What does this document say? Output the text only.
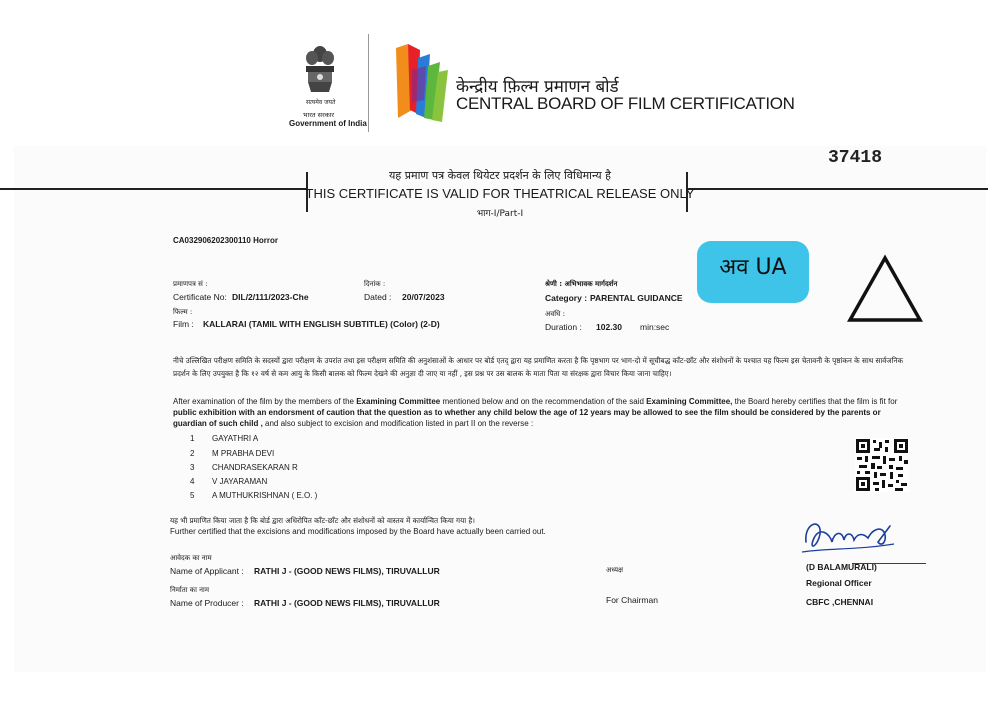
सत्यमेव जयते
भारत सरकार
Government of India
केन्द्रीय फ़िल्म प्रमाणन बोर्ड
CENTRAL BOARD OF FILM CERTIFICATION
37418
यह प्रमाण पत्र केवल थियेटर प्रदर्शन के लिए विधिमान्य है
THIS CERTIFICATE IS VALID FOR THEATRICAL RELEASE ONLY
भाग-I/Part-I
CA032906202300110 Horror
प्रमाणपत्र सं :
Certificate No: DIL/2/111/2023-Che
दिनांक :
Dated : 20/07/2023
श्रेणी : अभिभावक मार्गदर्शन
Category : PARENTAL GUIDANCE
फिल्म :
Film : KALLARAI (TAMIL WITH ENGLISH SUBTITLE) (Color) (2-D)
अवधि :
Duration : 102.30 min:sec
अव UA
नीचे उल्लिखित परीक्षण समिति के सदस्यों द्वारा परीक्षण के उपरांत तथा इस परीक्षण समिति की अनुशंसाओं के आधार पर बोर्ड एतद् द्वारा यह प्रमाणित करता है कि पृष्ठभाग पर भाग-दो में सूचीबद्ध काँट-छाँट और संशोधनों के पश्चात यह फिल्म इस चेतावनी के पृष्ठांकन के साथ सार्वजनिक प्रदर्शन के लिए उपयुक्त है कि १२ वर्ष से कम आयु के किसी बालक को फिल्म देखने की अनुज्ञा दी जाए या नहीं , इस प्रश्न पर उस बालक के माता पिता या संरक्षक द्वारा विचार किया जाना चाहिए।
After examination of the film by the members of the Examining Committee mentioned below and on the recommendation of the said Examining Committee, the Board hereby certifies that the film is fit for public exhibition with an endorsment of caution that the question as to whether any child below the age of 12 years may be allowed to see the film should be considered by the parents or guardian of such child , and also subject to excision and modification listed in part II on the reverse :
1 GAYATHRI A
2 M PRABHA DEVI
3 CHANDRASEKARAN R
4 V JAYARAMAN
5 A MUTHUKRISHNAN ( E.O. )
यह भी प्रमाणित किया जाता है कि बोर्ड द्वारा अधिरोपित काँट-छाँट और संशोधनों को वास्तव में कार्यान्वित किया गया है।
Further certified that the excisions and modifications imposed by the Board have actually been carried out.
आवेदक का नाम
Name of Applicant : RATHI J - (GOOD NEWS FILMS), TIRUVALLUR
निर्माता का नाम
Name of Producer : RATHI J - (GOOD NEWS FILMS), TIRUVALLUR
अध्यक्ष
For Chairman
(D BALAMURALI)
Regional Officer
CBFC ,CHENNAI
